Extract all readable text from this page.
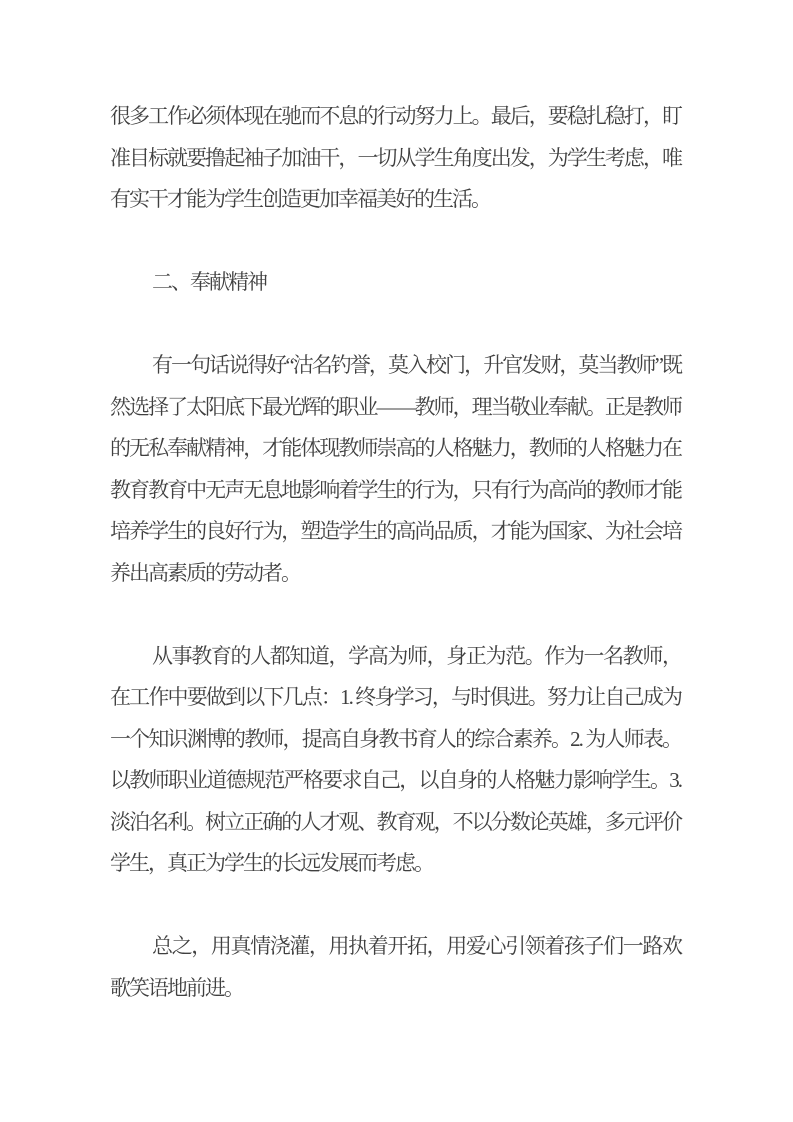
很多工作必须体现在驰而不息的行动努力上。最后，要稳扎稳打，盯准目标就要撸起袖子加油干，一切从学生角度出发，为学生考虑，唯有实干才能为学生创造更加幸福美好的生活。

二、奉献精神

有一句话说得好“沽名钓誉，莫入校门，升官发财，莫当教师”既然选择了太阳底下最光辉的职业——教师，理当敬业奉献。正是教师的无私奉献精神，才能体现教师崇高的人格魅力，教师的人格魅力在教育教育中无声无息地影响着学生的行为，只有行为高尚的教师才能培养学生的良好行为，塑造学生的高尚品质，才能为国家、为社会培养出高素质的劳动者。

从事教育的人都知道，学高为师，身正为范。作为一名教师，在工作中要做到以下几点：1. 终身学习，与时俱进。努力让自己成为一个知识渊博的教师，提高自身教书育人的综合素养。2. 为人师表。以教师职业道德规范严格要求自己，以自身的人格魅力影响学生。3. 淡泊名利。树立正确的人才观、教育观，不以分数论英雄，多元评价学生，真正为学生的长远发展而考虑。

总之，用真情浇灌，用执着开拓，用爱心引领着孩子们一路欢歌笑语地前进。
